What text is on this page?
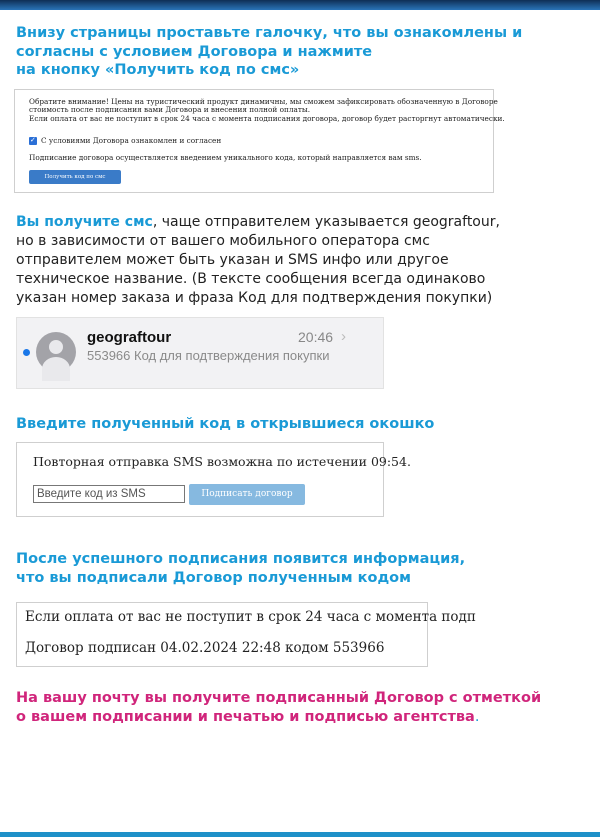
Внизу страницы проставьте галочку, что вы ознакомлены и
согласны с условием Договора и нажмите
на кнопку «Получить код по смс»
Обратите внимание! Цены на туристический продукт динамичны, мы сможем зафиксировать обозначенную в Договоре
стоимость после подписания вами Договора и внесения полной оплаты.
Если оплата от вас не поступит в срок 24 часа с момента подписания договора, договор будет расторгнут автоматически.
✓
С условиями Договора ознакомлен и согласен
Подписание договора осуществляется введением уникального кода, который направляется вам sms.
Получить код по смс
Вы получите смс, чаще отправителем указывается geograftour,
но в зависимости от вашего мобильного оператора смс
отправителем может быть указан и SMS инфо или другое
техническое название. (В тексте сообщения всегда одинаково
указан номер заказа и фраза Код для подтверждения покупки)
geograftour	20:46 ›
553966 Код для подтверждения покупки
Введите полученный код в открывшиеся окошко
Повторная отправка SMS возможна по истечении 09:54.
Введите код из SMS
Подписать договор
После успешного подписания появится информация,
что вы подписали Договор полученным кодом
Если оплата от вас не поступит в срок 24 часа с момента подп
Договор подписан 04.02.2024 22:48 кодом 553966
На вашу почту вы получите подписанный Договор с отметкой
о вашем подписании и печатью и подписью агентства.
